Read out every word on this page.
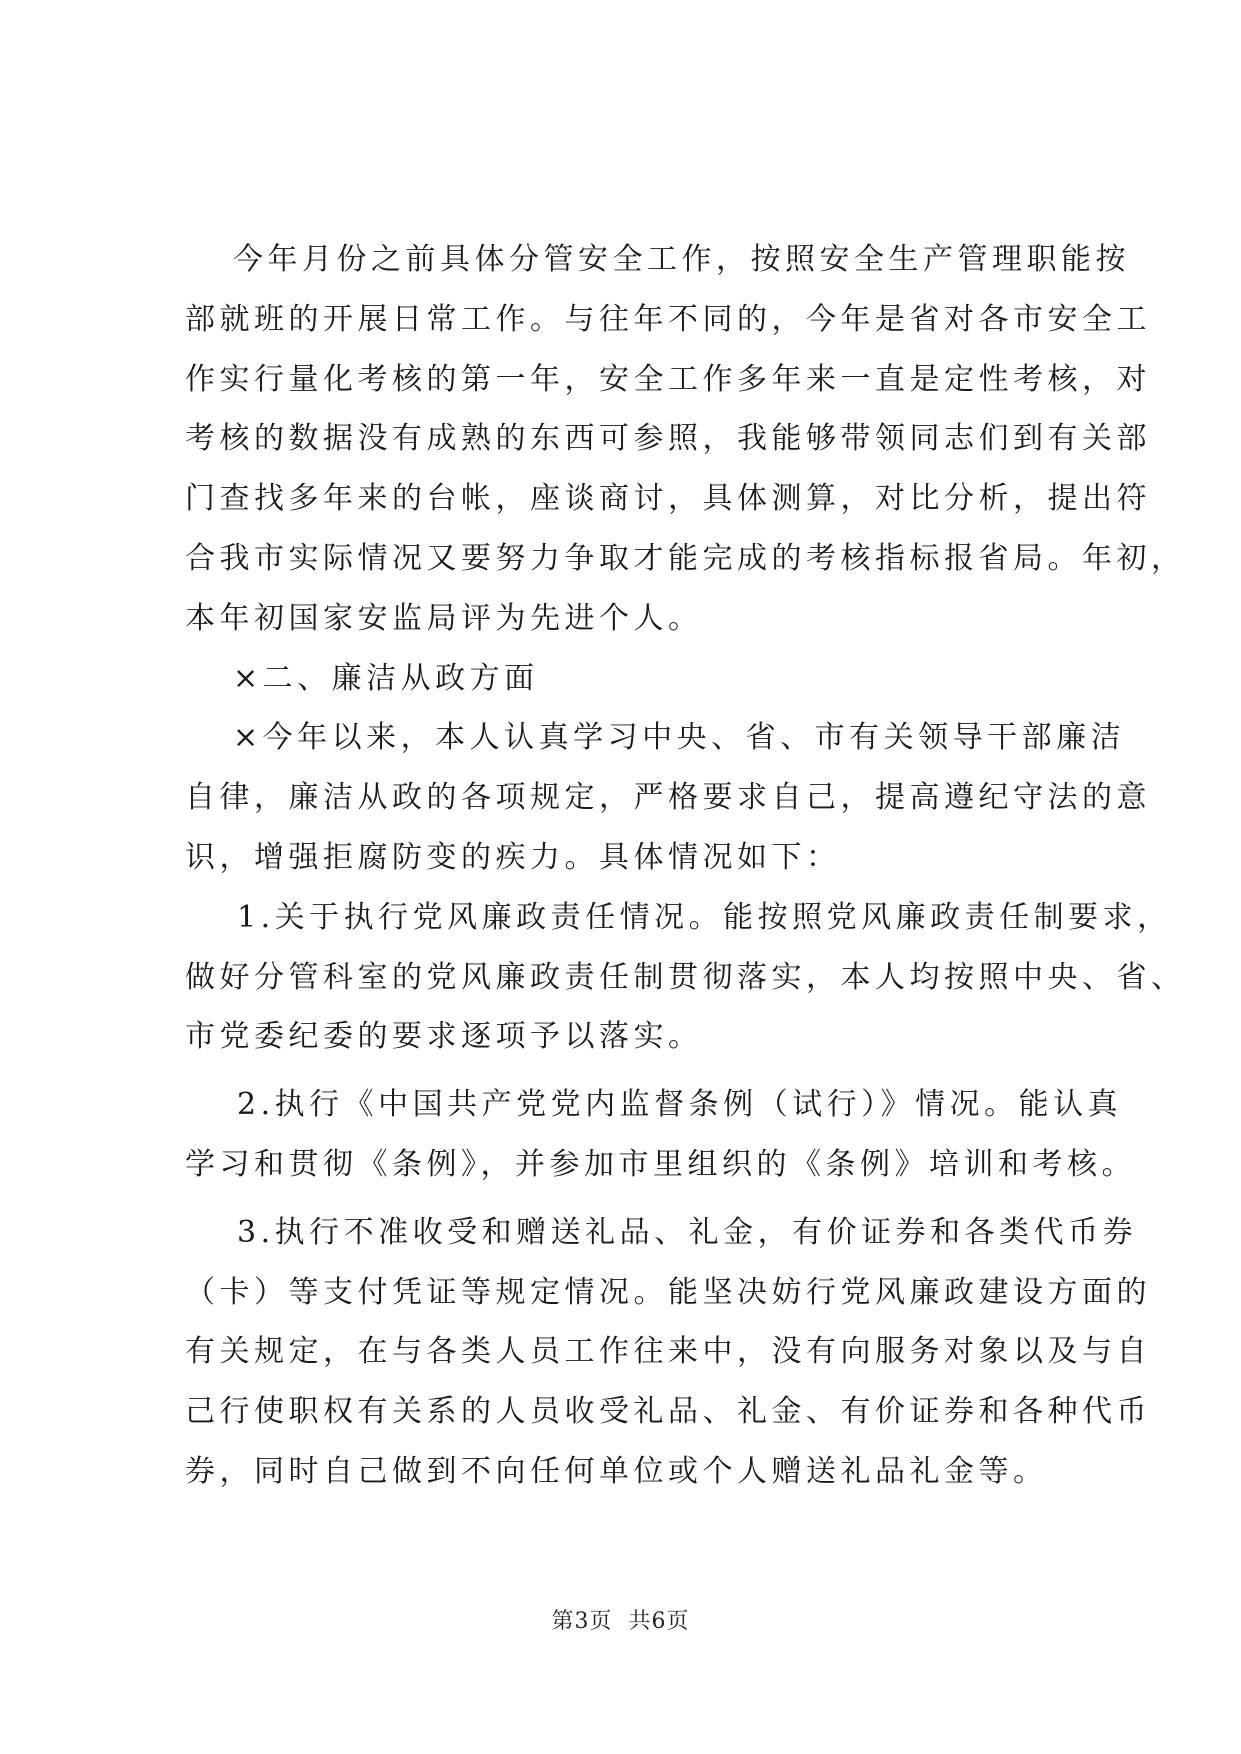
今年月份之前具体分管安全工作，按照安全生产管理职能按
部就班的开展日常工作。与往年不同的，今年是省对各市安全工
作实行量化考核的第一年，安全工作多年来一直是定性考核，对
考核的数据没有成熟的东西可参照，我能够带领同志们到有关部
门查找多年来的台帐，座谈商讨，具体测算，对比分析，提出符
合我市实际情况又要努力争取才能完成的考核指标报省局。年初，
本年初国家安监局评为先进个人。
×二、廉洁从政方面
×今年以来，本人认真学习中央、省、市有关领导干部廉洁
自律，廉洁从政的各项规定，严格要求自己，提高遵纪守法的意
识，增强拒腐防变的疾力。具体情况如下：
1.关于执行党风廉政责任情况。能按照党风廉政责任制要求，
做好分管科室的党风廉政责任制贯彻落实，本人均按照中央、省、
市党委纪委的要求逐项予以落实。
2.执行《中国共产党党内监督条例（试行）》情况。能认真
学习和贯彻《条例》，并参加市里组织的《条例》培训和考核。
3.执行不准收受和赠送礼品、礼金，有价证券和各类代币券
（卡）等支付凭证等规定情况。能坚决妨行党风廉政建设方面的
有关规定，在与各类人员工作往来中，没有向服务对象以及与自
己行使职权有关系的人员收受礼品、礼金、有价证券和各种代币
券，同时自己做到不向任何单位或个人赠送礼品礼金等。
第3页 共6页
